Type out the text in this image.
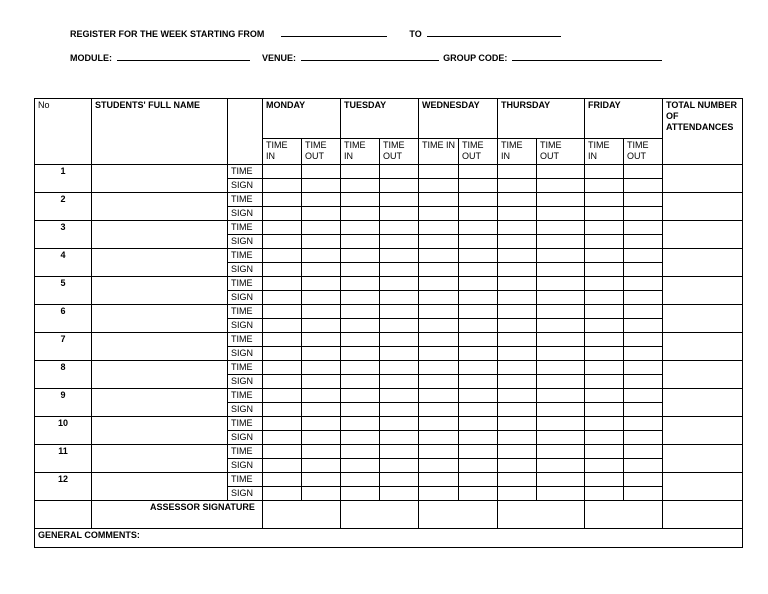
REGISTER FOR THE WEEK STARTING FROM	TO
MODULE:	VENUE:	GROUP CODE:
No	STUDENTS' FULL NAME		MONDAY		TUESDAY		WEDNESDAY		THURSDAY		FRIDAY		TOTAL NUMBER OF ATTENDANCES
			TIME IN	TIME OUT	TIME IN	TIME OUT	TIME IN	TIME OUT	TIME IN	TIME OUT	TIME IN	TIME OUT	
1		TIME											
		SIGN											
2		TIME											
		SIGN											
3		TIME											
		SIGN											
4		TIME											
		SIGN											
5		TIME											
		SIGN											
6		TIME											
		SIGN											
7		TIME											
		SIGN											
8		TIME											
		SIGN											
9		TIME											
		SIGN											
10		TIME											
		SIGN											
11		TIME											
		SIGN											
12		TIME											
		SIGN											
	ASSESSOR SIGNATURE												
GENERAL COMMENTS:													
